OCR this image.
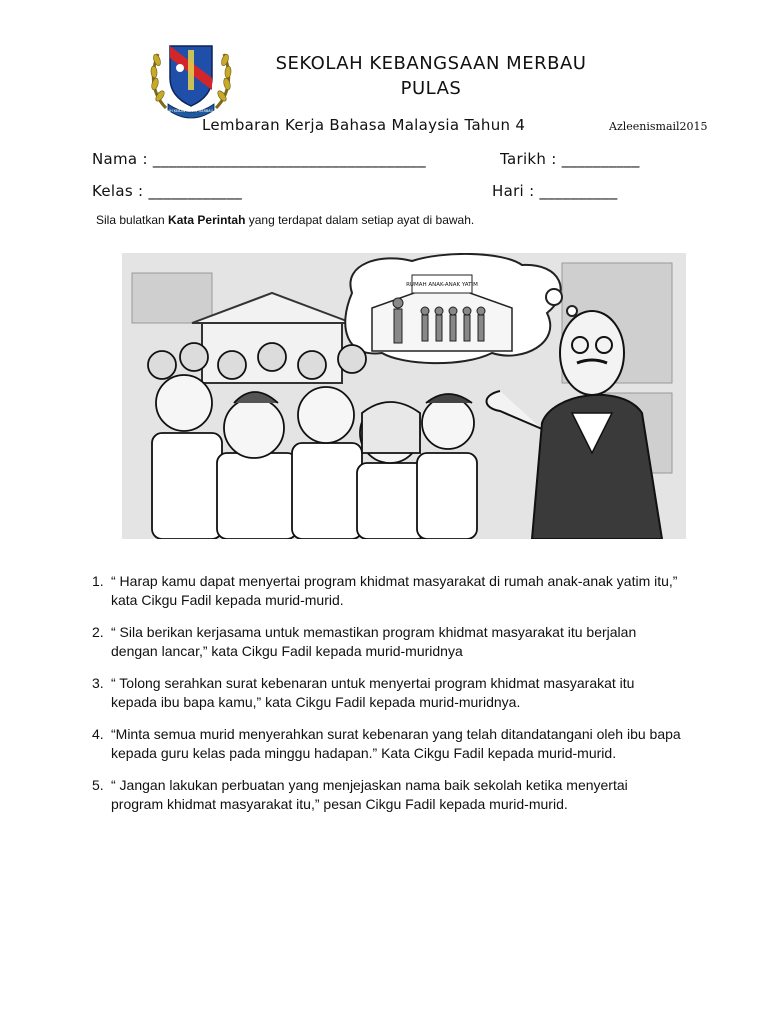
SEKOLAH KEBANGSAAN MERBAU PULAS
SEKOLAH KEBANGSAAN MERBAU
PULAS
Lembaran Kerja Bahasa Malaysia Tahun 4	Azleenismail2015
Nama : ___________________________________	Tarikh : __________
Kelas : ____________	Hari : __________
Sila bulatkan Kata Perintah yang terdapat dalam setiap ayat di bawah.
RUMAH ANAK-ANAK YATIM
1. “ Harap kamu dapat menyertai program khidmat masyarakat di rumah anak-anak yatim itu,” kata Cikgu Fadil kepada murid-murid.
2. “ Sila berikan kerjasama untuk memastikan program khidmat masyarakat itu berjalan dengan lancar,” kata Cikgu Fadil kepada murid-muridnya
3. “ Tolong serahkan surat kebenaran untuk menyertai program khidmat masyarakat itu kepada ibu bapa kamu,” kata Cikgu Fadil kepada murid-muridnya.
4. “Minta semua murid menyerahkan surat kebenaran yang telah ditandatangani oleh ibu bapa kepada guru kelas pada minggu hadapan.” Kata Cikgu Fadil kepada murid-murid.
5. “ Jangan lakukan perbuatan yang menjejaskan nama baik sekolah ketika menyertai program khidmat masyarakat itu,” pesan Cikgu Fadil kepada murid-murid.
